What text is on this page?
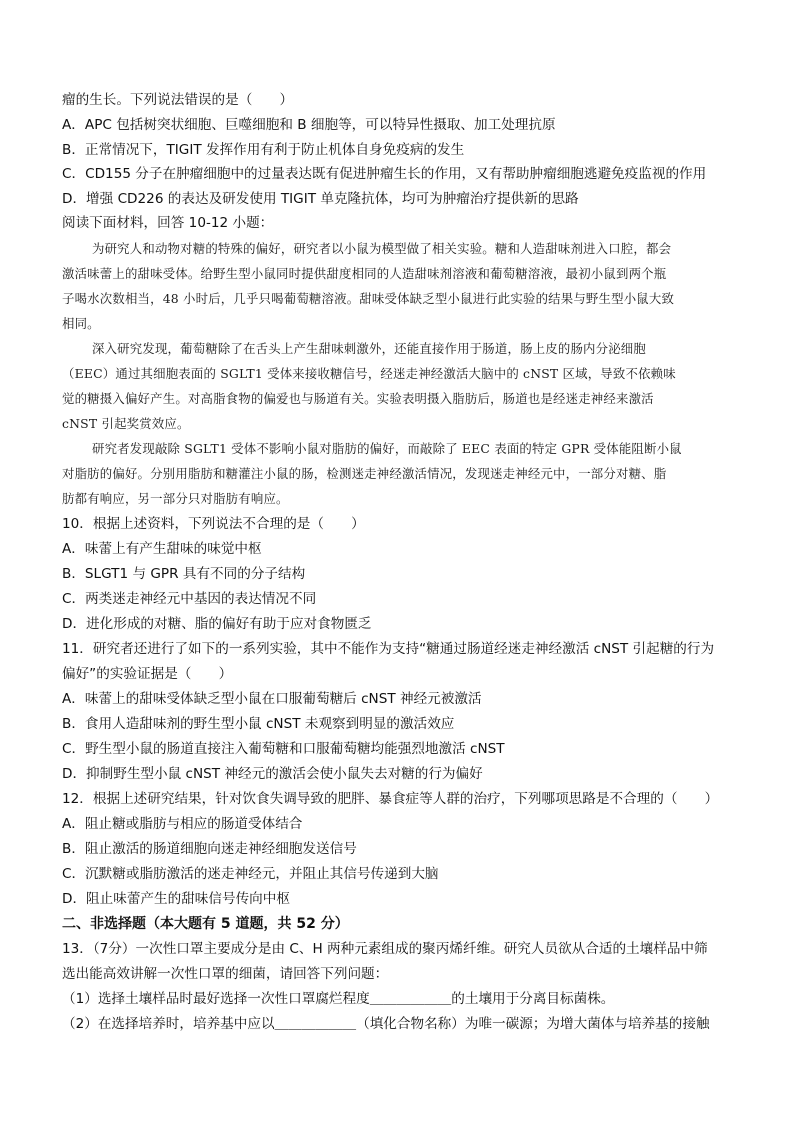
瘤的生长。下列说法错误的是（　　）
A．APC 包括树突状细胞、巨噬细胞和 B 细胞等，可以特异性摄取、加工处理抗原
B．正常情况下，TIGIT 发挥作用有利于防止机体自身免疫病的发生
C．CD155 分子在肿瘤细胞中的过量表达既有促进肿瘤生长的作用，又有帮助肿瘤细胞逃避免疫监视的作用
D．增强 CD226 的表达及研发使用 TIGIT 单克隆抗体，均可为肿瘤治疗提供新的思路
阅读下面材料，回答 10-12 小题：
为研究人和动物对糖的特殊的偏好，研究者以小鼠为模型做了相关实验。糖和人造甜味剂进入口腔，都会
激活味蕾上的甜味受体。给野生型小鼠同时提供甜度相同的人造甜味剂溶液和葡萄糖溶液，最初小鼠到两个瓶
子喝水次数相当，48 小时后，几乎只喝葡萄糖溶液。甜味受体缺乏型小鼠进行此实验的结果与野生型小鼠大致
相同。
深入研究发现，葡萄糖除了在舌头上产生甜味刺激外，还能直接作用于肠道，肠上皮的肠内分泌细胞
（EEC）通过其细胞表面的 SGLT1 受体来接收糖信号，经迷走神经激活大脑中的 cNST 区域，导致不依赖味
觉的糖摄入偏好产生。对高脂食物的偏爱也与肠道有关。实验表明摄入脂肪后，肠道也是经迷走神经来激活
cNST 引起奖赏效应。
研究者发现敲除 SGLT1 受体不影响小鼠对脂肪的偏好，而敲除了 EEC 表面的特定 GPR 受体能阻断小鼠
对脂肪的偏好。分别用脂肪和糖灌注小鼠的肠，检测迷走神经激活情况，发现迷走神经元中，一部分对糖、脂
肪都有响应，另一部分只对脂肪有响应。
10．根据上述资料，下列说法不合理的是（　　）
A．味蕾上有产生甜味的味觉中枢
B．SLGT1 与 GPR 具有不同的分子结构
C．两类迷走神经元中基因的表达情况不同
D．进化形成的对糖、脂的偏好有助于应对食物匮乏
11．研究者还进行了如下的一系列实验，其中不能作为支持“糖通过肠道经迷走神经激活 cNST 引起糖的行为
偏好”的实验证据是（　　）
A．味蕾上的甜味受体缺乏型小鼠在口服葡萄糖后 cNST 神经元被激活
B．食用人造甜味剂的野生型小鼠 cNST 未观察到明显的激活效应
C．野生型小鼠的肠道直接注入葡萄糖和口服葡萄糖均能强烈地激活 cNST
D．抑制野生型小鼠 cNST 神经元的激活会使小鼠失去对糖的行为偏好
12．根据上述研究结果，针对饮食失调导致的肥胖、暴食症等人群的治疗，下列哪项思路是不合理的（　　）
A．阻止糖或脂肪与相应的肠道受体结合
B．阻止激活的肠道细胞向迷走神经细胞发送信号
C．沉默糖或脂肪激活的迷走神经元，并阻止其信号传递到大脑
D．阻止味蕾产生的甜味信号传向中枢
二、非选择题（本大题有 5 道题，共 52 分）
13．（7分）一次性口罩主要成分是由 C、H 两种元素组成的聚丙烯纤维。研究人员欲从合适的土壤样品中筛
选出能高效讲解一次性口罩的细菌，请回答下列问题：
（1）选择土壤样品时最好选择一次性口罩腐烂程度＿＿＿＿＿＿的土壤用于分离目标菌株。
（2）在选择培养时，培养基中应以＿＿＿＿＿＿（填化合物名称）为唯一碳源；为增大菌体与培养基的接触
